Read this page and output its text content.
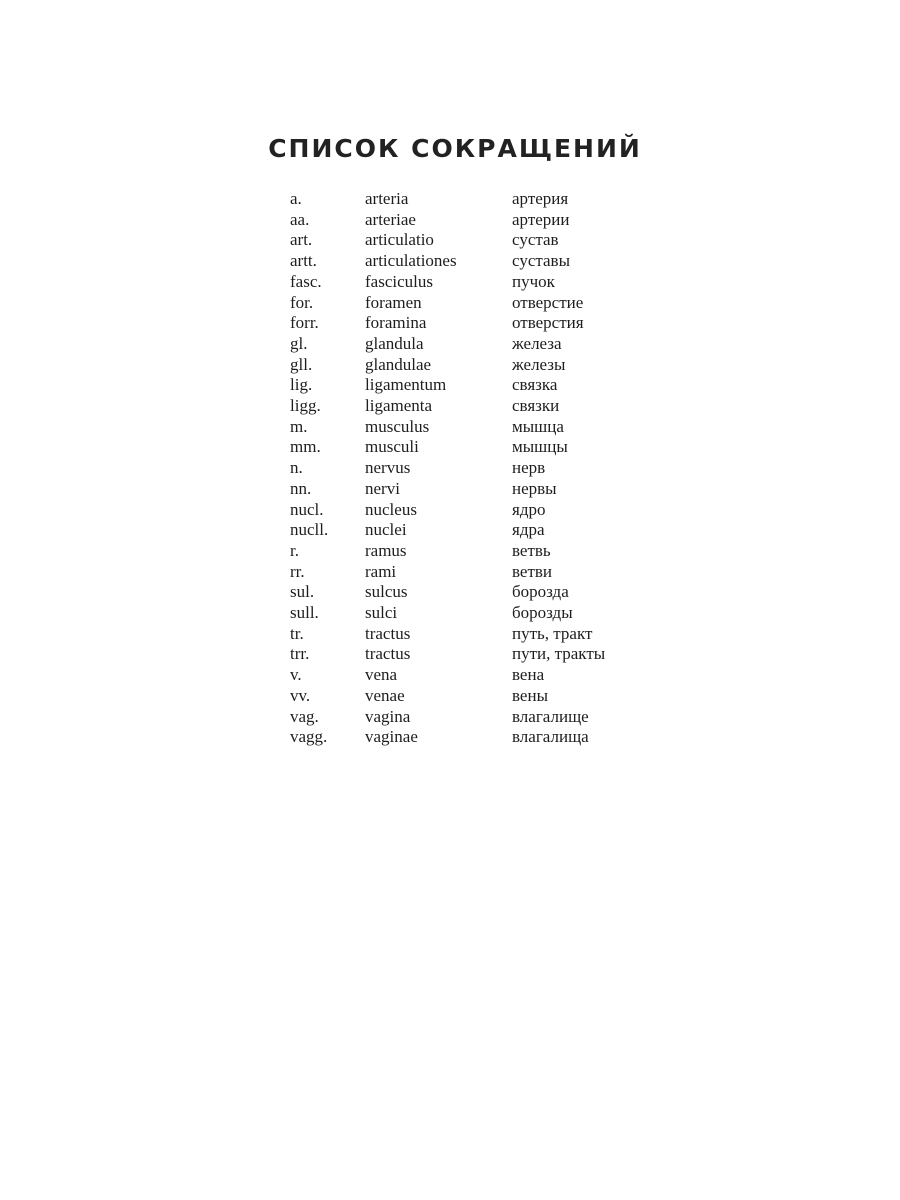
СПИСОК СОКРАЩЕНИЙ
a.	arteria	артерия
aa.	arteriae	артерии
art.	articulatio	сустав
artt.	articulationes	суставы
fasc.	fasciculus	пучок
for.	foramen	отверстие
forr.	foramina	отверстия
gl.	glandula	железа
gll.	glandulae	железы
lig.	ligamentum	связка
ligg.	ligamenta	связки
m.	musculus	мышца
mm.	musculi	мышцы
n.	nervus	нерв
nn.	nervi	нервы
nucl.	nucleus	ядро
nucll.	nuclei	ядра
r.	ramus	ветвь
rr.	rami	ветви
sul.	sulcus	борозда
sull.	sulci	борозды
tr.	tractus	путь, тракт
trr.	tractus	пути, тракты
v.	vena	вена
vv.	venae	вены
vag.	vagina	влагалище
vagg.	vaginae	влагалища
